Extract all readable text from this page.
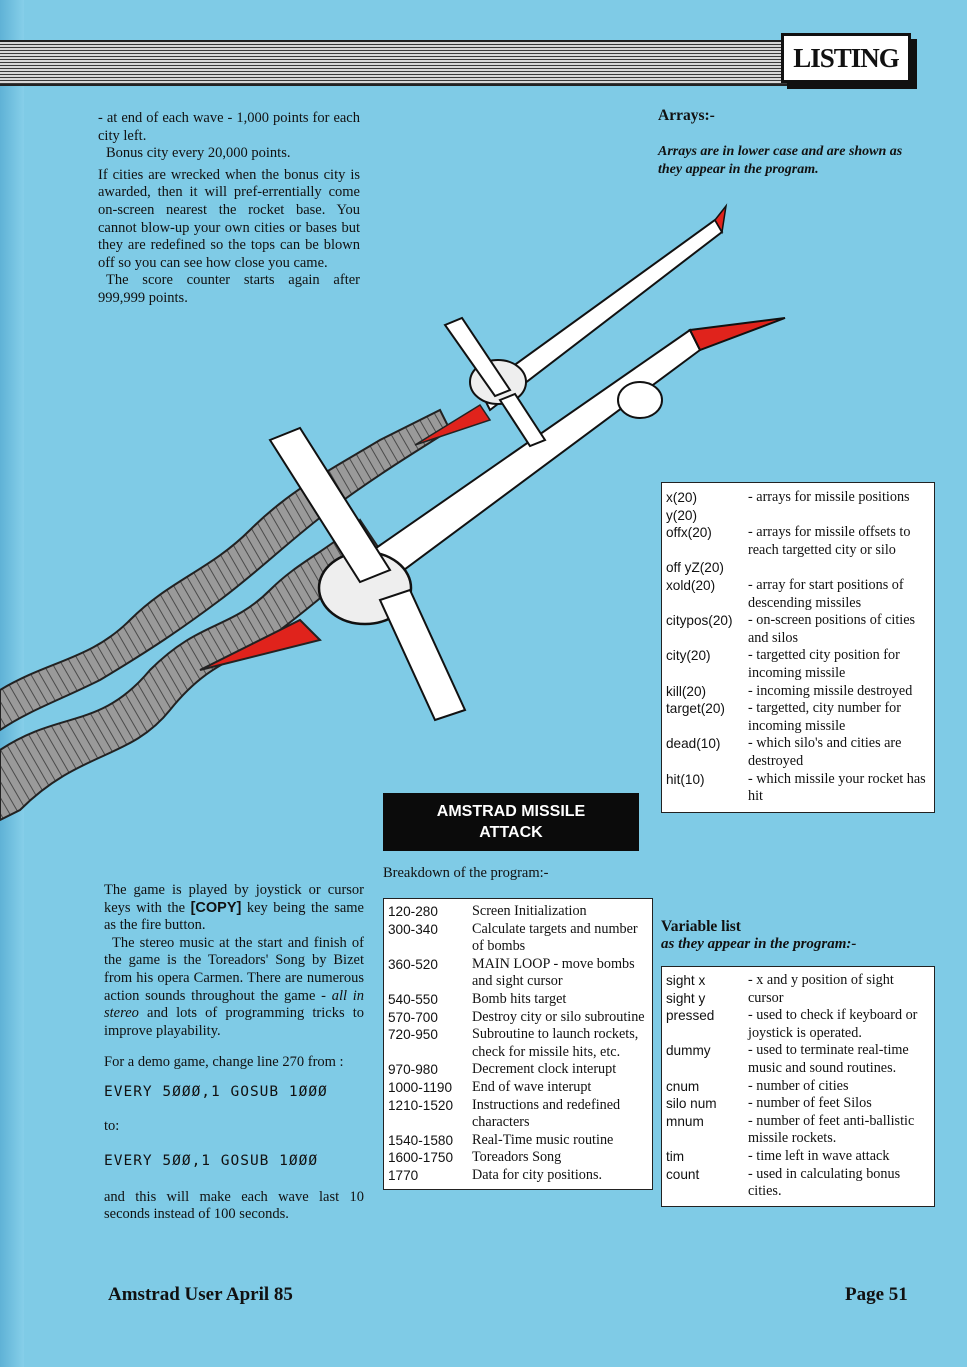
LISTING

- at end of each wave - 1,000 points for each city left.

Bonus city every 20,000 points.

If cities are wrecked when the bonus city is awarded, then it will pref-errentially come on-screen nearest the rocket base. You cannot blow-up your own cities or bases but they are redefined so the tops can be blown off so you can see how close you came.

The score counter starts again after 999,999 points.

Arrays:-
Arrays are in lower case and are shown as they appear in the program.
x(20)	- arrays for missile positions
y(20)
offx(20)	- arrays for missile offsets to reach targetted city or silo
off yZ(20)
xold(20)	- array for start positions of descending missiles
citypos(20)	- on-screen positions of cities and silos
city(20)	- targetted city position for incoming missile
kill(20)	- incoming missile destroyed
target(20)	- targetted, city number for incoming missile
dead(10)	- which silo's and cities are destroyed
hit(10)	- which missile your rocket has hit
AMSTRAD MISSILE
ATTACK
Breakdown of the program:-
120-280	Screen Initialization
300-340	Calculate targets and number of bombs
360-520	MAIN LOOP - move bombs and sight cursor
540-550	Bomb hits target
570-700	Destroy city or silo subroutine
720-950	Subroutine to launch rockets, check for missile hits, etc.
970-980	Decrement clock interupt
1000-1190	End of wave interupt
1210-1520	Instructions and redefined characters
1540-1580	Real-Time music routine
1600-1750	Toreadors Song
1770	Data for city positions.
Variable list
as they appear in the program:-
sight x
sight y
- x and y position of sight cursor
pressed	- used to check if keyboard or joystick is operated.
dummy	- used to terminate real-time music and sound routines.
cnum	- number of cities
silo num	- number of feet Silos
mnum	- number of feet anti-ballistic missile rockets.
tim	- time left in wave attack
count	- used in calculating bonus cities.

The game is played by joystick or cursor keys with the [COPY] key being the same as the fire button.

The stereo music at the start and finish of the game is the Toreadors' Song by Bizet from his opera Carmen. There are numerous action sounds throughout the game - all in stereo and lots of programming tricks to improve playability.

For a demo game, change line 270 from :

EVERY 5ØØØ,1 GOSUB 1ØØØ
to:
EVERY 5ØØ,1 GOSUB 1ØØØ

and this will make each wave last 10 seconds instead of 100 seconds.

Amstrad User April 85	Page 51
